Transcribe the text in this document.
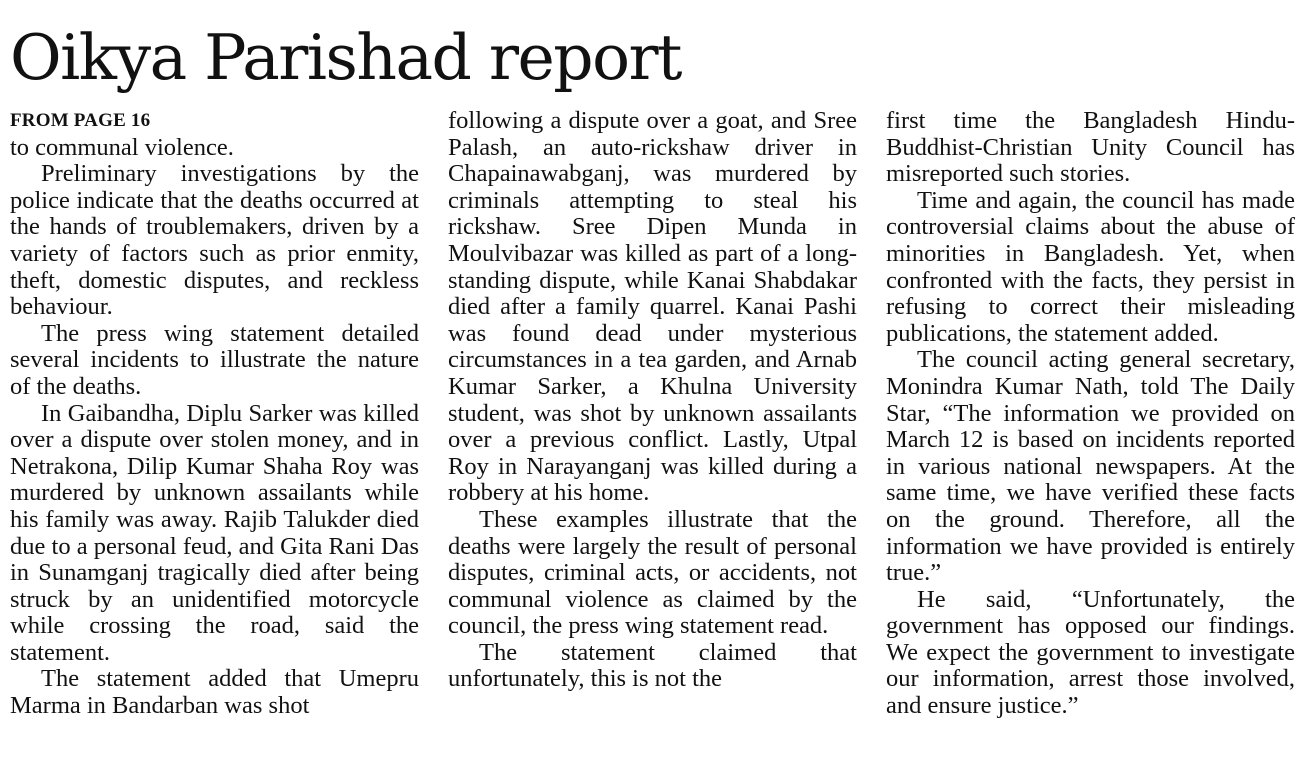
Oikya Parishad report
FROM PAGE 16

to communal violence.

Preliminary investigations by the police indicate that the deaths occurred at the hands of troublemakers, driven by a variety of factors such as prior enmity, theft, domestic disputes, and reckless behaviour.

The press wing statement detailed several incidents to illustrate the nature of the deaths.

In Gaibandha, Diplu Sarker was killed over a dispute over stolen money, and in Netrakona, Dilip Kumar Shaha Roy was murdered by unknown assailants while his family was away. Rajib Talukder died due to a personal feud, and Gita Rani Das in Sunamganj tragically died after being struck by an unidentified motorcycle while crossing the road, said the statement.

The statement added that Umepru Marma in Bandarban was shot

following a dispute over a goat, and Sree Palash, an auto-rickshaw driver in Chapainawabganj, was murdered by criminals attempting to steal his rickshaw. Sree Dipen Munda in Moulvibazar was killed as part of a long-standing dispute, while Kanai Shabdakar died after a family quarrel. Kanai Pashi was found dead under mysterious circumstances in a tea garden, and Arnab Kumar Sarker, a Khulna University student, was shot by unknown assailants over a previous conflict. Lastly, Utpal Roy in Narayanganj was killed during a robbery at his home.

These examples illustrate that the deaths were largely the result of personal disputes, criminal acts, or accidents, not communal violence as claimed by the council, the press wing statement read.

The statement claimed that unfortunately, this is not the

first time the Bangladesh Hindu-Buddhist-Christian Unity Council has misreported such stories.

Time and again, the council has made controversial claims about the abuse of minorities in Bangladesh. Yet, when confronted with the facts, they persist in refusing to correct their misleading publications, the statement added.

The council acting general secretary, Monindra Kumar Nath, told The Daily Star, “The information we provided on March 12 is based on incidents reported in various national newspapers. At the same time, we have verified these facts on the ground. Therefore, all the information we have provided is entirely true.”

He said, “Unfortunately, the government has opposed our findings. We expect the government to investigate our information, arrest those involved, and ensure justice.”
